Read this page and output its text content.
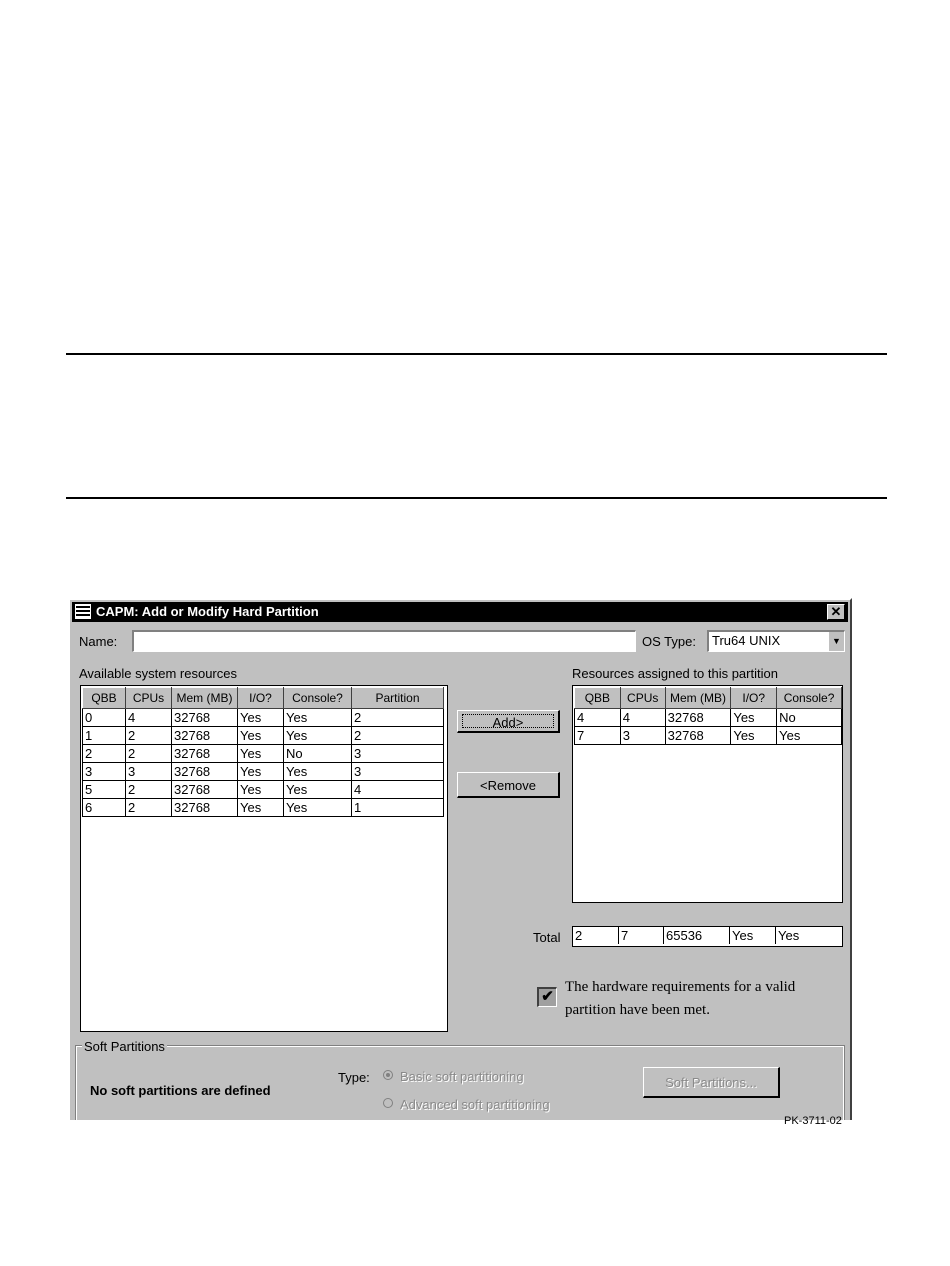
CAPM: Add or Modify Hard Partition	✕
Name:	OS Type: Tru64 UNIX	▼
Available system resources	Resources assigned to this partition
QBB	CPUs	Mem (MB)	I/O?	Console?	Partition
0	4	32768	Yes	Yes	2
1	2	32768	Yes	Yes	2
2	2	32768	Yes	No	3
3	3	32768	Yes	Yes	3
5	2	32768	Yes	Yes	4
6	2	32768	Yes	Yes	1
Add>
<Remove
QBB	CPUs	Mem (MB)	I/O?	Console?
4	4	32768	Yes	No
7	3	32768	Yes	Yes
Total 2	7	65536	Yes	Yes
✔
The hardware requirements for a valid
partition have been met.
Soft Partitions
No soft partitions are defined
Type: Basic soft partitioning
Advanced soft partitioning
Soft Partitions...
PK-3711-02
